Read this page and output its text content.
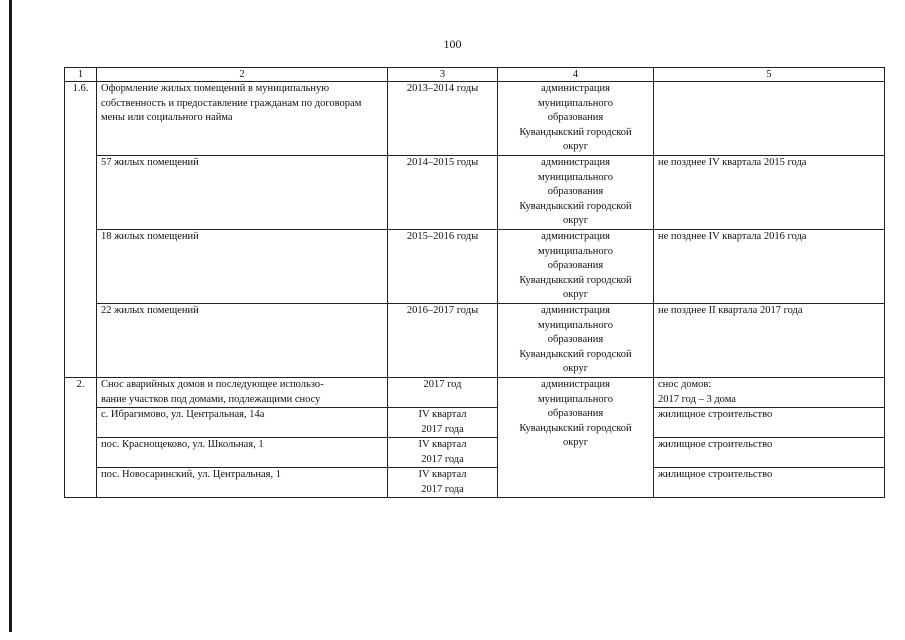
100
1	2	3	4	5
1.6.	Оформление жилых помещений в муниципальную собственность и предоставление гражданам по договорам мены или социального найма	2013–2014 годы	администрация
муниципального
образования
Кувандыкский городской
округ	

	57 жилых помещений	2014–2015 годы	администрация
муниципального
образования
Кувандыкский городской
округ	не позднее IV квартала 2015 года
	18 жилых помещений	2015–2016 годы	администрация
муниципального
образования
Кувандыкский городской
округ	не позднее IV квартала 2016 года
	22 жилых помещений	2016–2017 годы	администрация
муниципального
образования
Кувандыкский городской
округ	не позднее II квартала 2017 года
2.	Снос аварийных домов и последующее использо-
вание участков под домами, подлежащими сносу	2017 год	администрация
муниципального
образования
Кувандыкский городской
округ	снос домов:
2017 год – 3 дома

	с. Ибрагимово, ул. Центральная, 14а	IV квартал
2017 года		жилищное строительство
	пос. Краснощеково, ул. Школьная, 1	IV квартал
2017 года		жилищное строительство
	пос. Новосаринский, ул. Центральная, 1	IV квартал
2017 года		жилищное строительство
